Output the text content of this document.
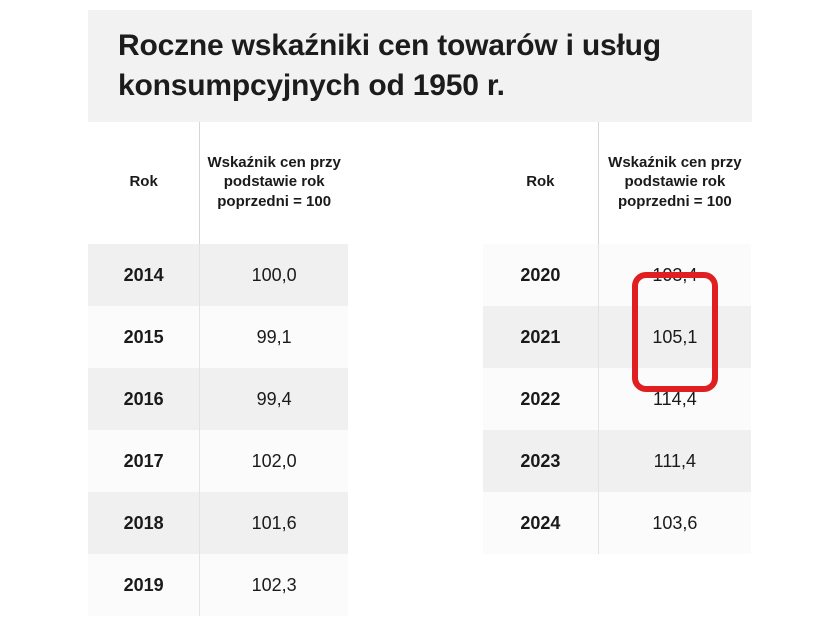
Roczne wskaźniki cen towarów i usług konsumpcyjnych od 1950 r.
Rok	Wskaźnik cen przy podstawie rok poprzedni = 100
2014	100,0
2015	99,1
2016	99,4
2017	102,0
2018	101,6
2019	102,3
Rok	Wskaźnik cen przy podstawie rok poprzedni = 100
2020	103,4
2021	105,1
2022	114,4
2023	111,4
2024	103,6
